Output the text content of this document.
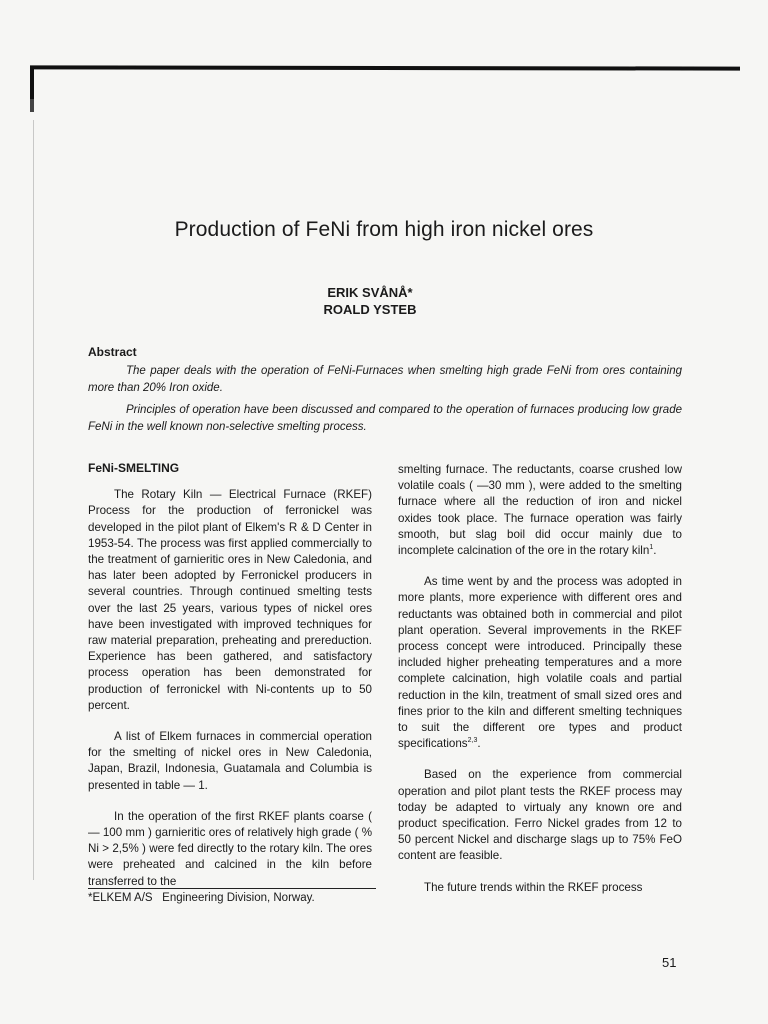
Production of FeNi from high iron nickel ores
ERIK SVÅNÅ*
ROALD YSTEB
Abstract
The paper deals with the operation of FeNi-Furnaces when smelting high grade FeNi from ores containing more than 20% Iron oxide.
Principles of operation have been discussed and compared to the operation of furnaces producing low grade FeNi in the well known non-selective smelting process.
FeNi-SMELTING

The Rotary Kiln — Electrical Furnace (RKEF) Process for the production of ferronickel was developed in the pilot plant of Elkem's R & D Center in 1953-54. The process was first applied commercially to the treatment of garnieritic ores in New Caledonia, and has later been adopted by Ferronickel producers in several countries. Through continued smelting tests over the last 25 years, various types of nickel ores have been investigated with improved techniques for raw material preparation, preheating and prereduction. Experience has been gathered, and satisfactory process operation has been demonstrated for production of ferronickel with Ni-contents up to 50 percent.

A list of Elkem furnaces in commercial operation for the smelting of nickel ores in New Caledonia, Japan, Brazil, Indonesia, Guatamala and Columbia is presented in table — 1.

In the operation of the first RKEF plants coarse ( — 100 mm ) garnieritic ores of relatively high grade ( % Ni > 2,5% ) were fed directly to the rotary kiln. The ores were preheated and calcined in the kiln before transferred to the

smelting furnace. The reductants, coarse crushed low volatile coals ( —30 mm ), were added to the smelting furnace where all the reduction of iron and nickel oxides took place. The furnace operation was fairly smooth, but slag boil did occur mainly due to incomplete calcination of the ore in the rotary kiln$^1$.

As time went by and the process was adopted in more plants, more experience with different ores and reductants was obtained both in commercial and pilot plant operation. Several improvements in the RKEF process concept were introduced. Principally these included higher preheating temperatures and a more complete calcination, high volatile coals and partial reduction in the kiln, treatment of small sized ores and fines prior to the kiln and different smelting techniques to suit the different ore types and product specifications$^{2,3}$.

Based on the experience from commercial operation and pilot plant tests the RKEF process may today be adapted to virtualy any known ore and product specification. Ferro Nickel grades from 12 to 50 percent Nickel and discharge slags up to 75% FeO content are feasible.

The future trends within the RKEF process

*ELKEM A/S   Engineering Division, Norway.
51
